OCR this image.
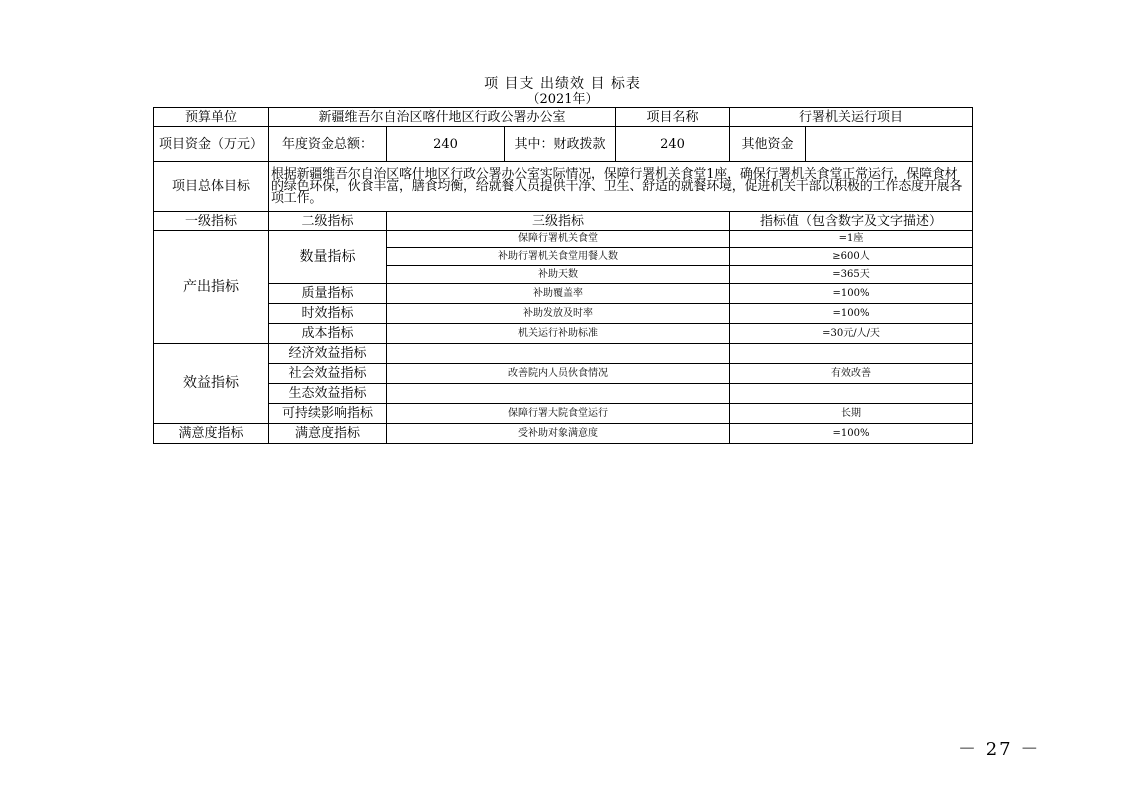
项 目支 出绩效 目 标表
（2021年）
预算单位	新疆维吾尔自治区喀什地区行政公署办公室			项目名称	行署机关运行项目	
项目资金（万元）	年度资金总额：	240	其中：财政拨款	240	其他资金	
项目总体目标	根据新疆维吾尔自治区喀什地区行政公署办公室实际情况，保障行署机关食堂1座，确保行署机关食堂正常运行，保障食材的绿色环保，伙食丰富，膳食均衡，给就餐人员提供干净、卫生、舒适的就餐环境，促进机关干部以积极的工作态度开展各项工作。					
一级指标	二级指标	三级指标			指标值（包含数字及文字描述）	
产出指标	数量指标	保障行署机关食堂			=1座	
		补助行署机关食堂用餐人数			≥600人	
		补助天数			=365天	
	质量指标	补助覆盖率			=100%	
	时效指标	补助发放及时率			=100%	
	成本指标	机关运行补助标准			=30元/人/天	
效益指标	经济效益指标					
	社会效益指标	改善院内人员伙食情况			有效改善	
	生态效益指标					
	可持续影响指标	保障行署大院食堂运行			长期	
满意度指标	满意度指标	受补助对象满意度			=100%	
－ 27 －
